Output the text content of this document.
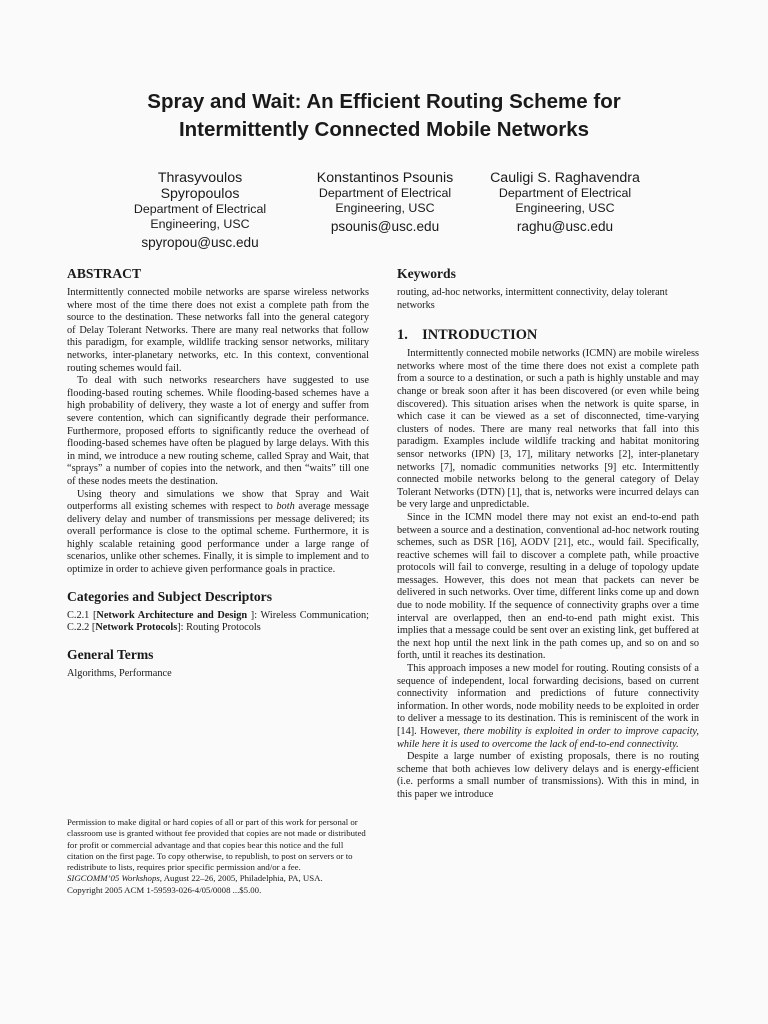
Spray and Wait: An Efficient Routing Scheme for
Intermittently Connected Mobile Networks
Thrasyvoulos
Spyropoulos
Department of Electrical
Engineering, USC
spyropou@usc.edu
Konstantinos Psounis
Department of Electrical
Engineering, USC
psounis@usc.edu
Cauligi S. Raghavendra
Department of Electrical
Engineering, USC
raghu@usc.edu
ABSTRACT

Intermittently connected mobile networks are sparse wireless networks where most of the time there does not exist a complete path from the source to the destination. These networks fall into the general category of Delay Tolerant Networks. There are many real networks that follow this paradigm, for example, wildlife tracking sensor networks, military networks, inter-planetary networks, etc. In this context, conventional routing schemes would fail.

To deal with such networks researchers have suggested to use flooding-based routing schemes. While flooding-based schemes have a high probability of delivery, they waste a lot of energy and suffer from severe contention, which can significantly degrade their performance. Furthermore, proposed efforts to significantly reduce the overhead of flooding-based schemes have often be plagued by large delays. With this in mind, we introduce a new routing scheme, called Spray and Wait, that “sprays” a number of copies into the network, and then “waits” till one of these nodes meets the destination.

Using theory and simulations we show that Spray and Wait outperforms all existing schemes with respect to both average message delivery delay and number of transmissions per message delivered; its overall performance is close to the optimal scheme. Furthermore, it is highly scalable retaining good performance under a large range of scenarios, unlike other schemes. Finally, it is simple to implement and to optimize in order to achieve given performance goals in practice.

Categories and Subject Descriptors

C.2.1 [Network Architecture and Design ]: Wireless Communication; C.2.2 [Network Protocols]: Routing Protocols

General Terms

Algorithms, Performance

Permission to make digital or hard copies of all or part of this work for personal or classroom use is granted without fee provided that copies are not made or distributed for profit or commercial advantage and that copies bear this notice and the full citation on the first page. To copy otherwise, to republish, to post on servers or to redistribute to lists, requires prior specific permission and/or a fee.

SIGCOMM’05 Workshops, August 22–26, 2005, Philadelphia, PA, USA.

Copyright 2005 ACM 1-59593-026-4/05/0008 ...$5.00.

Keywords

routing, ad-hoc networks, intermittent connectivity, delay tolerant networks

1.    INTRODUCTION

Intermittently connected mobile networks (ICMN) are mobile wireless networks where most of the time there does not exist a complete path from a source to a destination, or such a path is highly unstable and may change or break soon after it has been discovered (or even while being discovered). This situation arises when the network is quite sparse, in which case it can be viewed as a set of disconnected, time-varying clusters of nodes. There are many real networks that fall into this paradigm. Examples include wildlife tracking and habitat monitoring sensor networks (IPN) [3, 17], military networks [2], inter-planetary networks [7], nomadic communities networks [9] etc. Intermittently connected mobile networks belong to the general category of Delay Tolerant Networks (DTN) [1], that is, networks were incurred delays can be very large and unpredictable.

Since in the ICMN model there may not exist an end-to-end path between a source and a destination, conventional ad-hoc network routing schemes, such as DSR [16], AODV [21], etc., would fail. Specifically, reactive schemes will fail to discover a complete path, while proactive protocols will fail to converge, resulting in a deluge of topology update messages. However, this does not mean that packets can never be delivered in such networks. Over time, different links come up and down due to node mobility. If the sequence of connectivity graphs over a time interval are overlapped, then an end-to-end path might exist. This implies that a message could be sent over an existing link, get buffered at the next hop until the next link in the path comes up, and so on and so forth, until it reaches its destination.

This approach imposes a new model for routing. Routing consists of a sequence of independent, local forwarding decisions, based on current connectivity information and predictions of future connectivity information. In other words, node mobility needs to be exploited in order to deliver a message to its destination. This is reminiscent of the work in [14]. However, there mobility is exploited in order to improve capacity, while here it is used to overcome the lack of end-to-end connectivity.

Despite a large number of existing proposals, there is no routing scheme that both achieves low delivery delays and is energy-efficient (i.e. performs a small number of transmissions). With this in mind, in this paper we introduce
